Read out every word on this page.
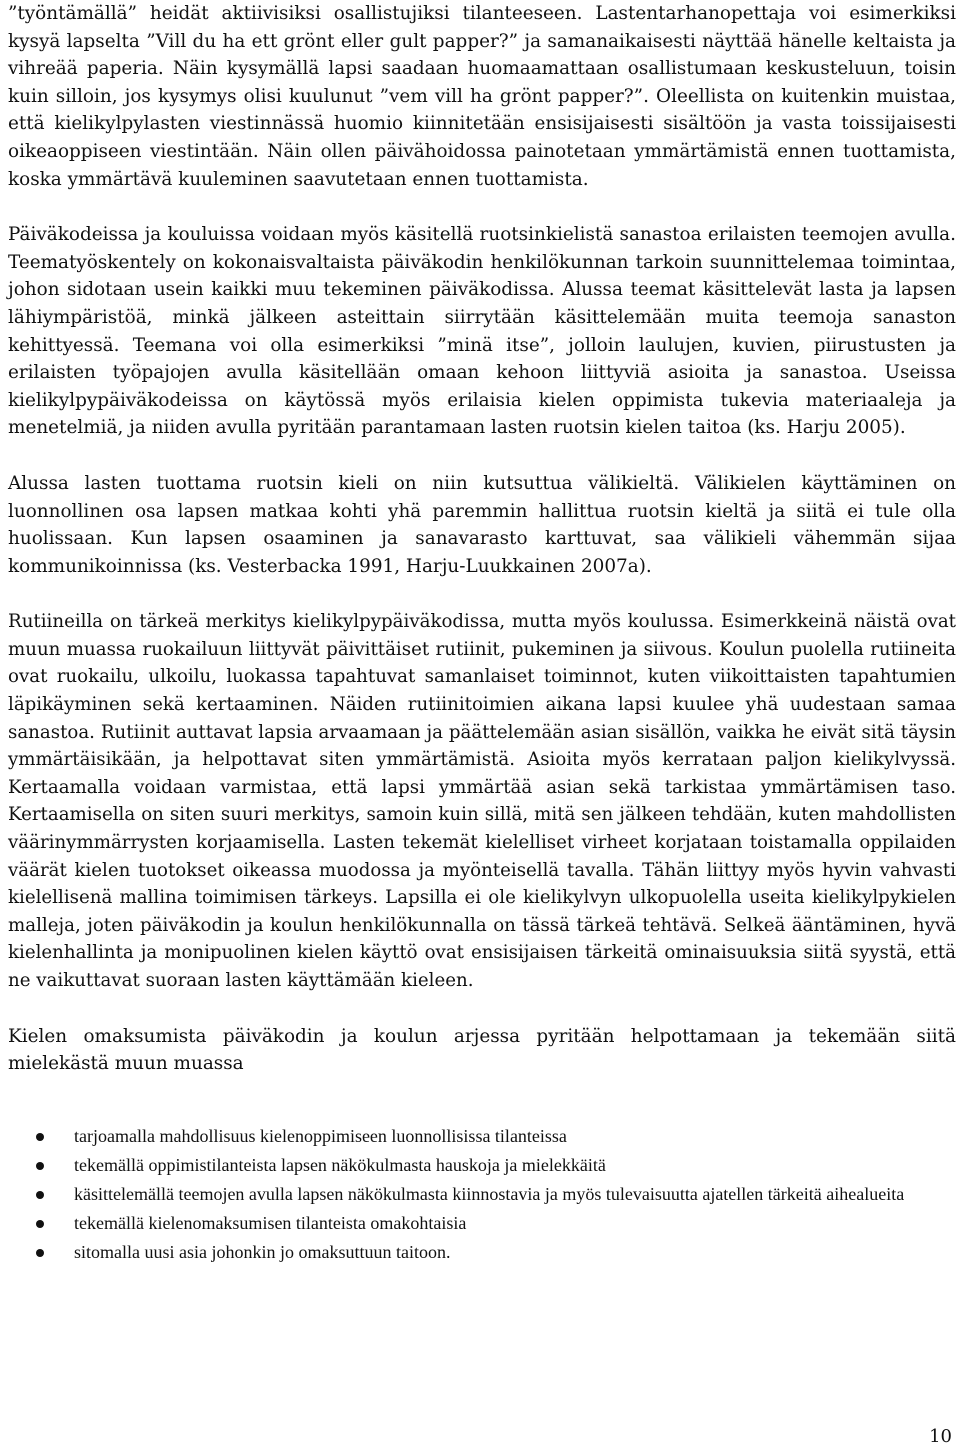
”työntämällä” heidät aktiivisiksi osallistujiksi tilanteeseen. Lastentarhanopettaja voi esimerkiksi kysyä lapselta ”Vill du ha ett grönt eller gult papper?” ja samanaikaisesti näyttää hänelle keltaista ja vihreää paperia. Näin kysymällä lapsi saadaan huomaamattaan osallistumaan keskusteluun, toisin kuin silloin, jos kysymys olisi kuulunut ”vem vill ha grönt papper?”. Oleellista on kuitenkin muistaa, että kielikylpylasten viestinnässä huomio kiinnitetään ensisijaisesti sisältöön ja vasta toissijaisesti oikeaoppiseen viestintään. Näin ollen päivähoidossa painotetaan ymmärtämistä ennen tuottamista, koska ymmärtävä kuuleminen saavutetaan ennen tuottamista.

Päiväkodeissa ja kouluissa voidaan myös käsitellä ruotsinkielistä sanastoa erilaisten teemojen avulla. Teematyöskentely on kokonaisvaltaista päiväkodin henkilökunnan tarkoin suunnittelemaa toimintaa, johon sidotaan usein kaikki muu tekeminen päiväkodissa. Alussa teemat käsittelevät lasta ja lapsen lähiympäristöä, minkä jälkeen asteittain siirrytään käsittelemään muita teemoja sanaston kehittyessä. Teemana voi olla esimerkiksi ”minä itse”, jolloin laulujen, kuvien, piirustusten ja erilaisten työpajojen avulla käsitellään omaan kehoon liittyviä asioita ja sanastoa. Useissa kielikylpypäiväkodeissa on käytössä myös erilaisia kielen oppimista tukevia materiaaleja ja menetelmiä, ja niiden avulla pyritään parantamaan lasten ruotsin kielen taitoa (ks. Harju 2005).

Alussa lasten tuottama ruotsin kieli on niin kutsuttua välikieltä. Välikielen käyttäminen on luonnollinen osa lapsen matkaa kohti yhä paremmin hallittua ruotsin kieltä ja siitä ei tule olla huolissaan. Kun lapsen osaaminen ja sanavarasto karttuvat, saa välikieli vähemmän sijaa kommunikoinnissa (ks. Vesterbacka 1991, Harju-Luukkainen 2007a).

Rutiineilla on tärkeä merkitys kielikylpypäiväkodissa, mutta myös koulussa. Esimerkkeinä näistä ovat muun muassa ruokailuun liittyvät päivittäiset rutiinit, pukeminen ja siivous. Koulun puolella rutiineita ovat ruokailu, ulkoilu, luokassa tapahtuvat samanlaiset toiminnot, kuten viikoittaisten tapahtumien läpikäyminen sekä kertaaminen. Näiden rutiinitoimien aikana lapsi kuulee yhä uudestaan samaa sanastoa. Rutiinit auttavat lapsia arvaamaan ja päättelemään asian sisällön, vaikka he eivät sitä täysin ymmärtäisikään, ja helpottavat siten ymmärtämistä. Asioita myös kerrataan paljon kielikylvyssä. Kertaamalla voidaan varmistaa, että lapsi ymmärtää asian sekä tarkistaa ymmärtämisen taso. Kertaamisella on siten suuri merkitys, samoin kuin sillä, mitä sen jälkeen tehdään, kuten mahdollisten väärinymmärrysten korjaamisella. Lasten tekemät kielelliset virheet korjataan toistamalla oppilaiden väärät kielen tuotokset oikeassa muodossa ja myönteisellä tavalla. Tähän liittyy myös hyvin vahvasti kielellisenä mallina toimimisen tärkeys. Lapsilla ei ole kielikylvyn ulkopuolella useita kielikylpykielen malleja, joten päiväkodin ja koulun henkilökunnalla on tässä tärkeä tehtävä. Selkeä ääntäminen, hyvä kielenhallinta ja monipuolinen kielen käyttö ovat ensisijaisen tärkeitä ominaisuuksia siitä syystä, että ne vaikuttavat suoraan lasten käyttämään kieleen.

Kielen omaksumista päiväkodin ja koulun arjessa pyritään helpottamaan ja tekemään siitä mielekästä muun muassa

tarjoamalla mahdollisuus kielenoppimiseen luonnollisissa tilanteissa
tekemällä oppimistilanteista lapsen näkökulmasta hauskoja ja mielekkäitä
käsittelemällä teemojen avulla lapsen näkökulmasta kiinnostavia ja myös tulevaisuutta ajatellen tärkeitä aihealueita
tekemällä kielenomaksumisen tilanteista omakohtaisia
sitomalla uusi asia johonkin jo omaksuttuun taitoon.
10
